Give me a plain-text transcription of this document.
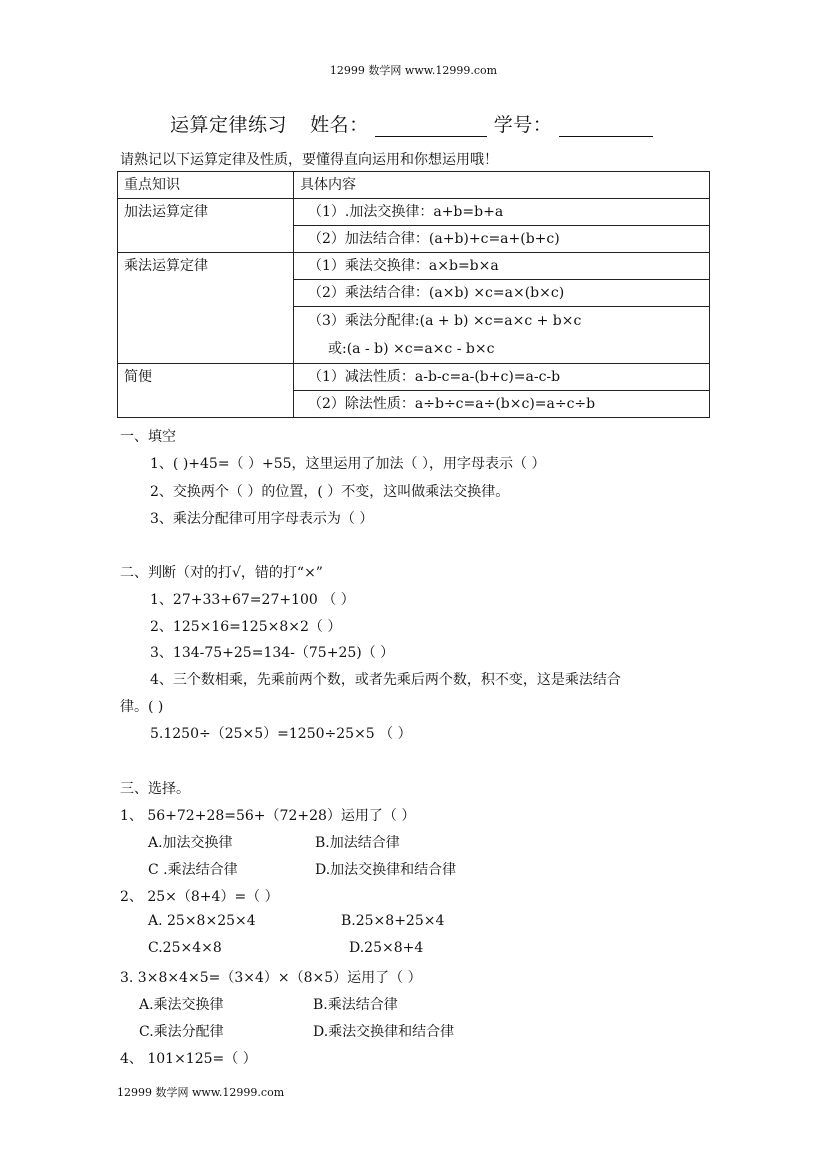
12999 数学网 www.12999.com
运算定律练习 姓名：	学号：
请熟记以下运算定律及性质，要懂得直向运用和你想运用哦！
重点知识	具体内容
加法运算定律	（1）.加法交换律：a+b=b+a
	（2）加法结合律：(a+b)+c=a+(b+c)
乘法运算定律	（1）乘法交换律：a×b=b×a
	（2）乘法结合律：(a×b) ×c=a×(b×c)

	（3）乘法分配律:(a + b) ×c=a×c + b×c
或:(a - b) ×c=a×c - b×c

简便	（1）减法性质：a-b-c=a-(b+c)=a-c-b
	（2）除法性质：a÷b÷c=a÷(b×c)=a÷c÷b
一、填空
1、( )+45=（ ）+55，这里运用了加法（ ），用字母表示（ ）
2、交换两个（ ）的位置，( ）不变，这叫做乘法交换律。
3、乘法分配律可用字母表示为（ ）
二、判断（对的打√，错的打“×”
1、27+33+67=27+100 （ ）
2、125×16=125×8×2（ ）
3、134-75+25=134-（75+25)（ ）
4、三个数相乘，先乘前两个数，或者先乘后两个数，积不变，这是乘法结合
律。( )
5.1250÷（25×5）=1250÷25×5 （ ）
三、选择。
1、 56+72+28=56+（72+28）运用了（ ）
A.加法交换律	B.加法结合律
C .乘法结合律	D.加法交换律和结合律
2、 25×（8+4）=（ ）
A. 25×8×25×4	B.25×8+25×4
C.25×4×8	D.25×8+4
3. 3×8×4×5=（3×4）×（8×5）运用了（ ）
A.乘法交换律	B.乘法结合律
C.乘法分配律	D.乘法交换律和结合律
4、 101×125=（ ）
12999 数学网 www.12999.com
